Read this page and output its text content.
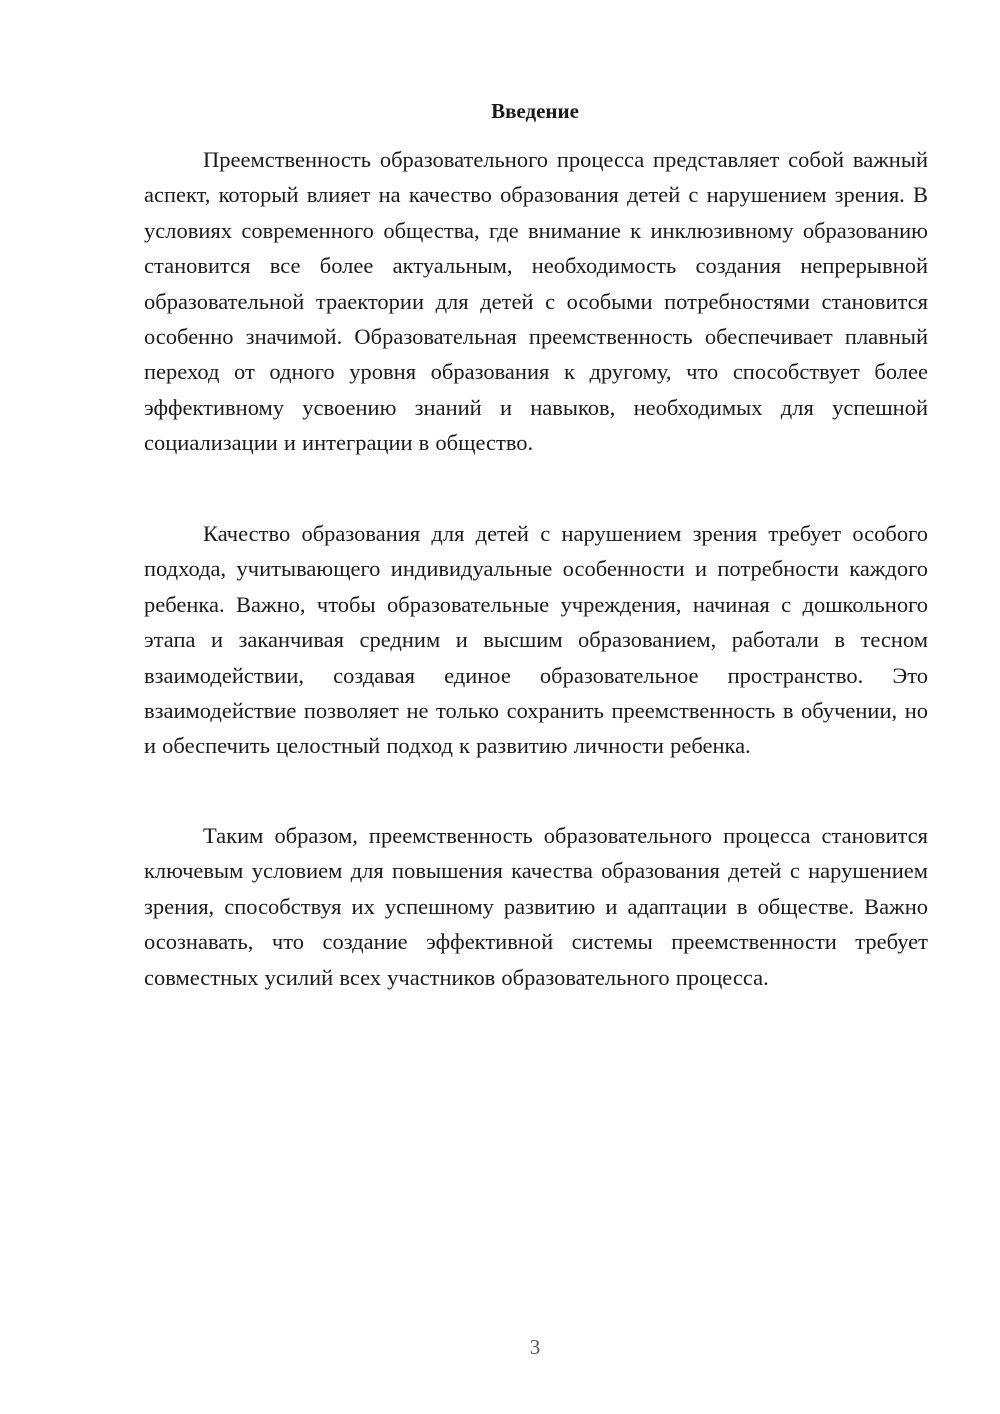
Введение

Преемственность образовательного процесса представляет собой важный аспект, который влияет на качество образования детей с нарушением зрения. В условиях современного общества, где внимание к инклюзивному образованию становится все более актуальным, необходимость создания непрерывной образовательной траектории для детей с особыми потребностями становится особенно значимой. Образовательная преемственность обеспечивает плавный переход от одного уровня образования к другому, что способствует более эффективному усвоению знаний и навыков, необходимых для успешной социализации и интеграции в общество.

Качество образования для детей с нарушением зрения требует особого подхода, учитывающего индивидуальные особенности и потребности каждого ребенка. Важно, чтобы образовательные учреждения, начиная с дошкольного этапа и заканчивая средним и высшим образованием, работали в тесном взаимодействии, создавая единое образовательное пространство. Это взаимодействие позволяет не только сохранить преемственность в обучении, но и обеспечить целостный подход к развитию личности ребенка.

Таким образом, преемственность образовательного процесса становится ключевым условием для повышения качества образования детей с нарушением зрения, способствуя их успешному развитию и адаптации в обществе. Важно осознавать, что создание эффективной системы преемственности требует совместных усилий всех участников образовательного процесса.

3
